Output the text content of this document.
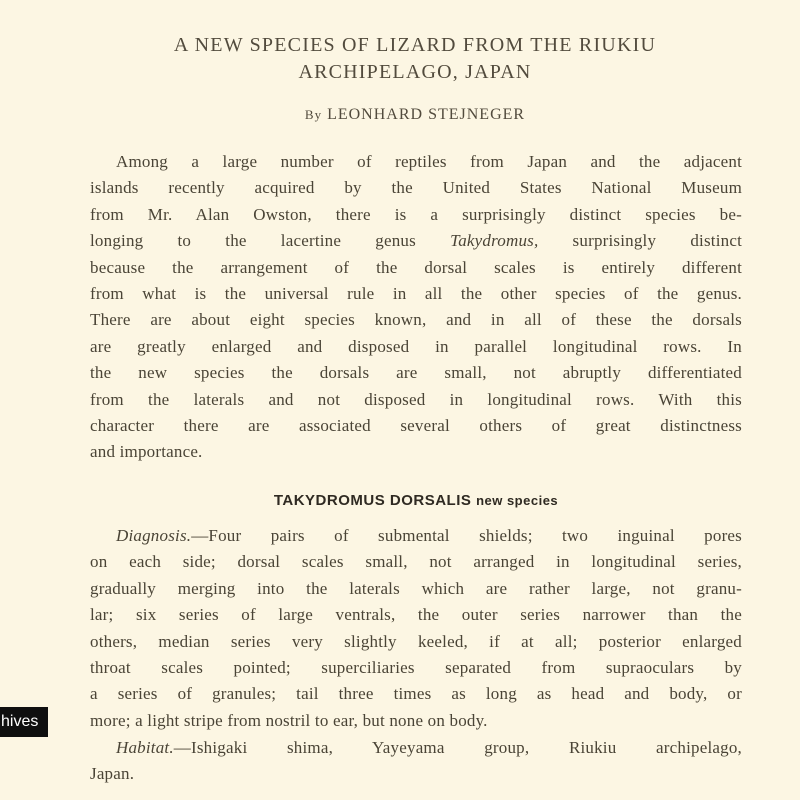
A NEW SPECIES OF LIZARD FROM THE RIUKIU
ARCHIPELAGO, JAPAN
By LEONHARD STEJNEGER
Among a large number of reptiles from Japan and the adjacent
islands recently acquired by the United States National Museum
from Mr. Alan Owston, there is a surprisingly distinct species be-
longing to the lacertine genus Takydromus, surprisingly distinct
because the arrangement of the dorsal scales is entirely different
from what is the universal rule in all the other species of the genus.
There are about eight species known, and in all of these the dorsals
are greatly enlarged and disposed in parallel longitudinal rows. In
the new species the dorsals are small, not abruptly differentiated
from the laterals and not disposed in longitudinal rows. With this
character there are associated several others of great distinctness
and importance.
TAKYDROMUS DORSALIS new species
Diagnosis.—Four pairs of submental shields; two inguinal pores
on each side; dorsal scales small, not arranged in longitudinal series,
gradually merging into the laterals which are rather large, not granu-
lar; six series of large ventrals, the outer series narrower than the
others, median series very slightly keeled, if at all; posterior enlarged
throat scales pointed; superciliaries separated from supraoculars by
a series of granules; tail three times as long as head and body, or
more; a light stripe from nostril to ear, but none on body.
Habitat.—Ishigaki shima, Yayeyama group, Riukiu archipelago,
Japan.
hives
